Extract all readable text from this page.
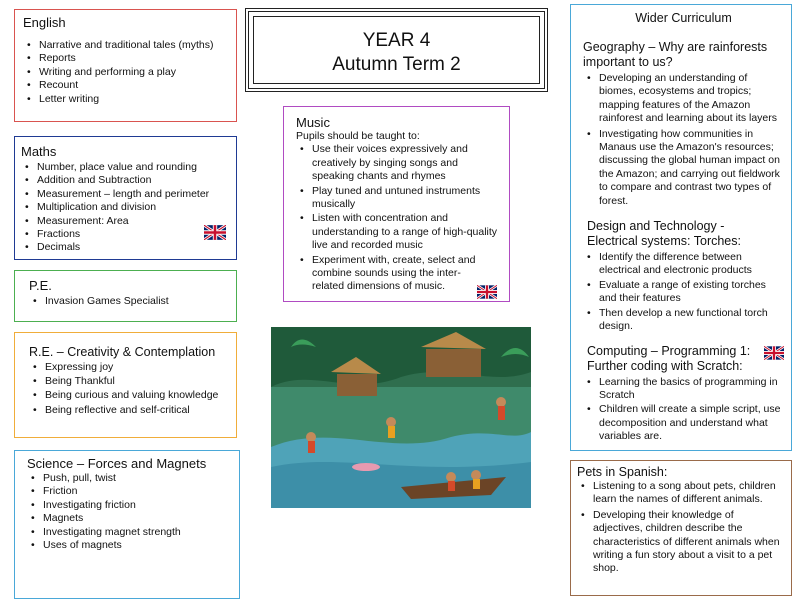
English
• Narrative and traditional tales (myths)
• Reports
• Writing and performing a play
• Recount
• Letter writing
YEAR 4
Autumn Term 2
Wider Curriculum
Geography – Why are rainforests important to us?
• Developing an understanding of biomes, ecosystems and tropics; mapping features of the Amazon rainforest and learning about its layers
• Investigating how communities in Manaus use the Amazon's resources; discussing the global human impact on the Amazon; and carrying out fieldwork to compare and contrast two types of forest.
Design and Technology - Electrical systems: Torches:
• Identify the difference between electrical and electronic products
• Evaluate a range of existing torches and their features
• Then develop a new functional torch design.
Computing – Programming 1: Further coding with Scratch:
• Learning the basics of programming in Scratch
• Children will create a simple script, use decomposition and understand what variables are.
Maths
• Number, place value and rounding
• Addition and Subtraction
• Measurement – length and perimeter
• Multiplication and division
• Measurement: Area
• Fractions
• Decimals
Music
Pupils should be taught to:
• Use their voices expressively and creatively by singing songs and speaking chants and rhymes
• Play tuned and untuned instruments musically
• Listen with concentration and understanding to a range of high-quality live and recorded music
• Experiment with, create, select and combine sounds using the inter-related dimensions of music.
P.E.
• Invasion Games Specialist
R.E. – Creativity & Contemplation
• Expressing joy
• Being Thankful
• Being curious and valuing knowledge
• Being reflective and self-critical
Science – Forces and Magnets
• Push, pull, twist
• Friction
• Investigating friction
• Magnets
• Investigating magnet strength
• Uses of magnets
Pets in Spanish:
• Listening to a song about pets, children learn the names of different animals.
• Developing their knowledge of adjectives, children describe the characteristics of different animals when writing a fun story about a visit to a pet shop.
